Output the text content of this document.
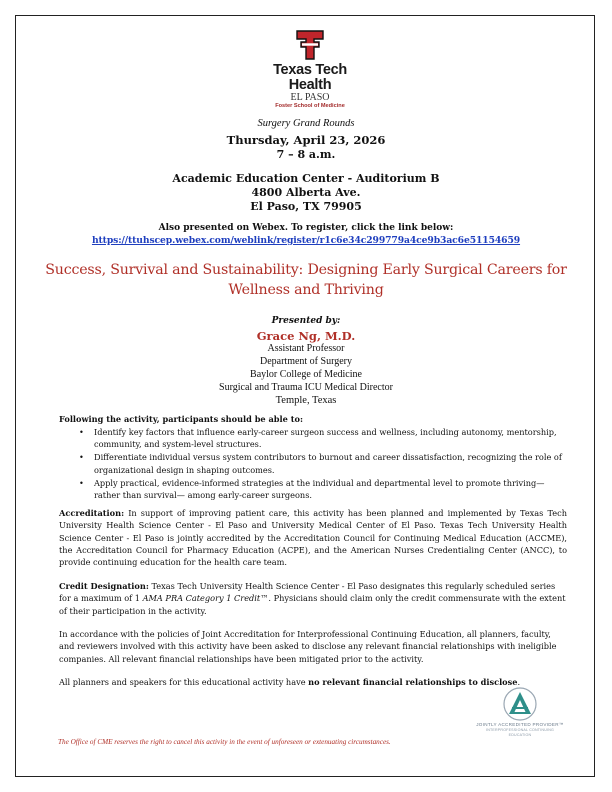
Texas Tech Health
EL PASO
Foster School of Medicine
Surgery Grand Rounds
Thursday, April 23, 2026
7 – 8 a.m.
Academic Education Center - Auditorium B
4800 Alberta Ave.
El Paso, TX 79905
Also presented on Webex. To register, click the link below:
https://ttuhscep.webex.com/weblink/register/r1c6e34c299779a4ce9b3ac6e51154659
Success, Survival and Sustainability: Designing Early Surgical Careers for Wellness and Thriving
Presented by:
Grace Ng, M.D.
Assistant Professor
Department of Surgery
Baylor College of Medicine
Surgical and Trauma ICU Medical Director
Temple, Texas
Following the activity, participants should be able to:
• Identify key factors that influence early-career surgeon success and wellness, including autonomy, mentorship, community, and system-level structures.
• Differentiate individual versus system contributors to burnout and career dissatisfaction, recognizing the role of organizational design in shaping outcomes.
• Apply practical, evidence-informed strategies at the individual and departmental level to promote thriving—rather than survival— among early-career surgeons.
Accreditation: In support of improving patient care, this activity has been planned and implemented by Texas Tech University Health Science Center - El Paso and University Medical Center of El Paso. Texas Tech University Health Science Center - El Paso is jointly accredited by the Accreditation Council for Continuing Medical Education (ACCME), the Accreditation Council for Pharmacy Education (ACPE), and the American Nurses Credentialing Center (ANCC), to provide continuing education for the health care team.
Credit Designation: Texas Tech University Health Science Center - El Paso designates this regularly scheduled series for a maximum of 1 AMA PRA Category 1 Credit™. Physicians should claim only the credit commensurate with the extent of their participation in the activity.
In accordance with the policies of Joint Accreditation for Interprofessional Continuing Education, all planners, faculty, and reviewers involved with this activity have been asked to disclose any relevant financial relationships with ineligible companies. All relevant financial relationships have been mitigated prior to the activity.
All planners and speakers for this educational activity have no relevant financial relationships to disclose.
JOINTLY ACCREDITED PROVIDER™
INTERPROFESSIONAL CONTINUING EDUCATION
The Office of CME reserves the right to cancel this activity in the event of unforeseen or extenuating circumstances.
